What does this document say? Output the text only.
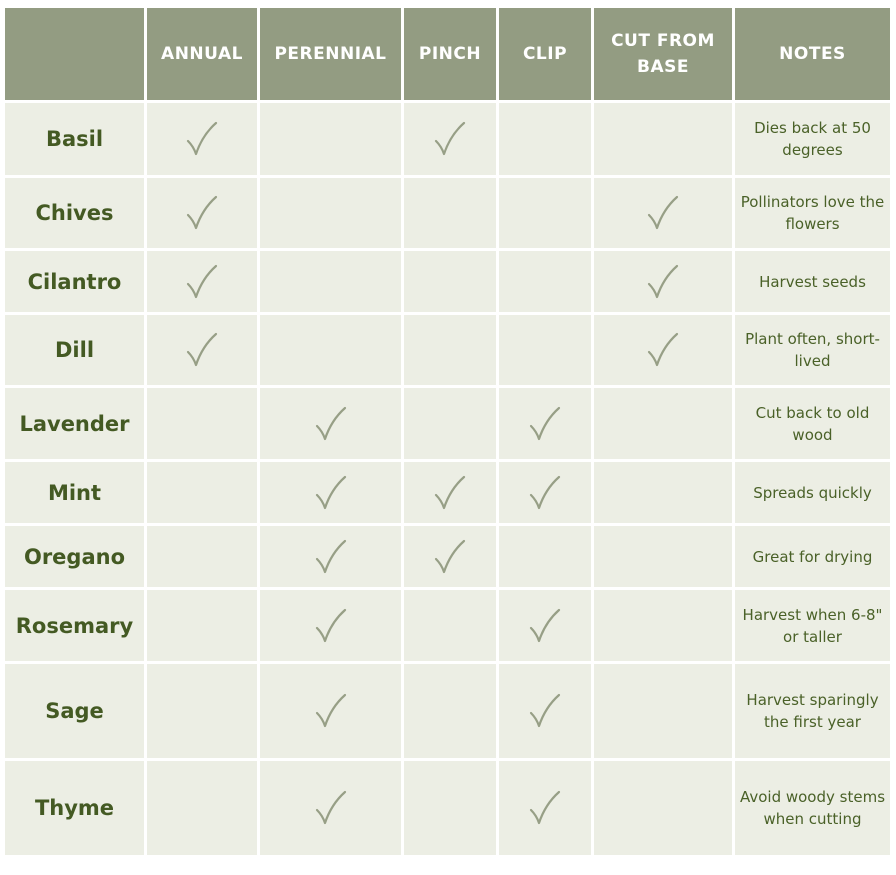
	ANNUAL	PERENNIAL	PINCH	CLIP	CUT FROM BASE	NOTES
Basil						Dies back at 50 degrees
Chives						Pollinators love the flowers
Cilantro						Harvest seeds
Dill						Plant often, short-lived
Lavender						Cut back to old wood
Mint						Spreads quickly
Oregano						Great for drying
Rosemary						Harvest when 6-8" or taller
Sage						Harvest sparingly the first year
Thyme						Avoid woody stems when cutting
